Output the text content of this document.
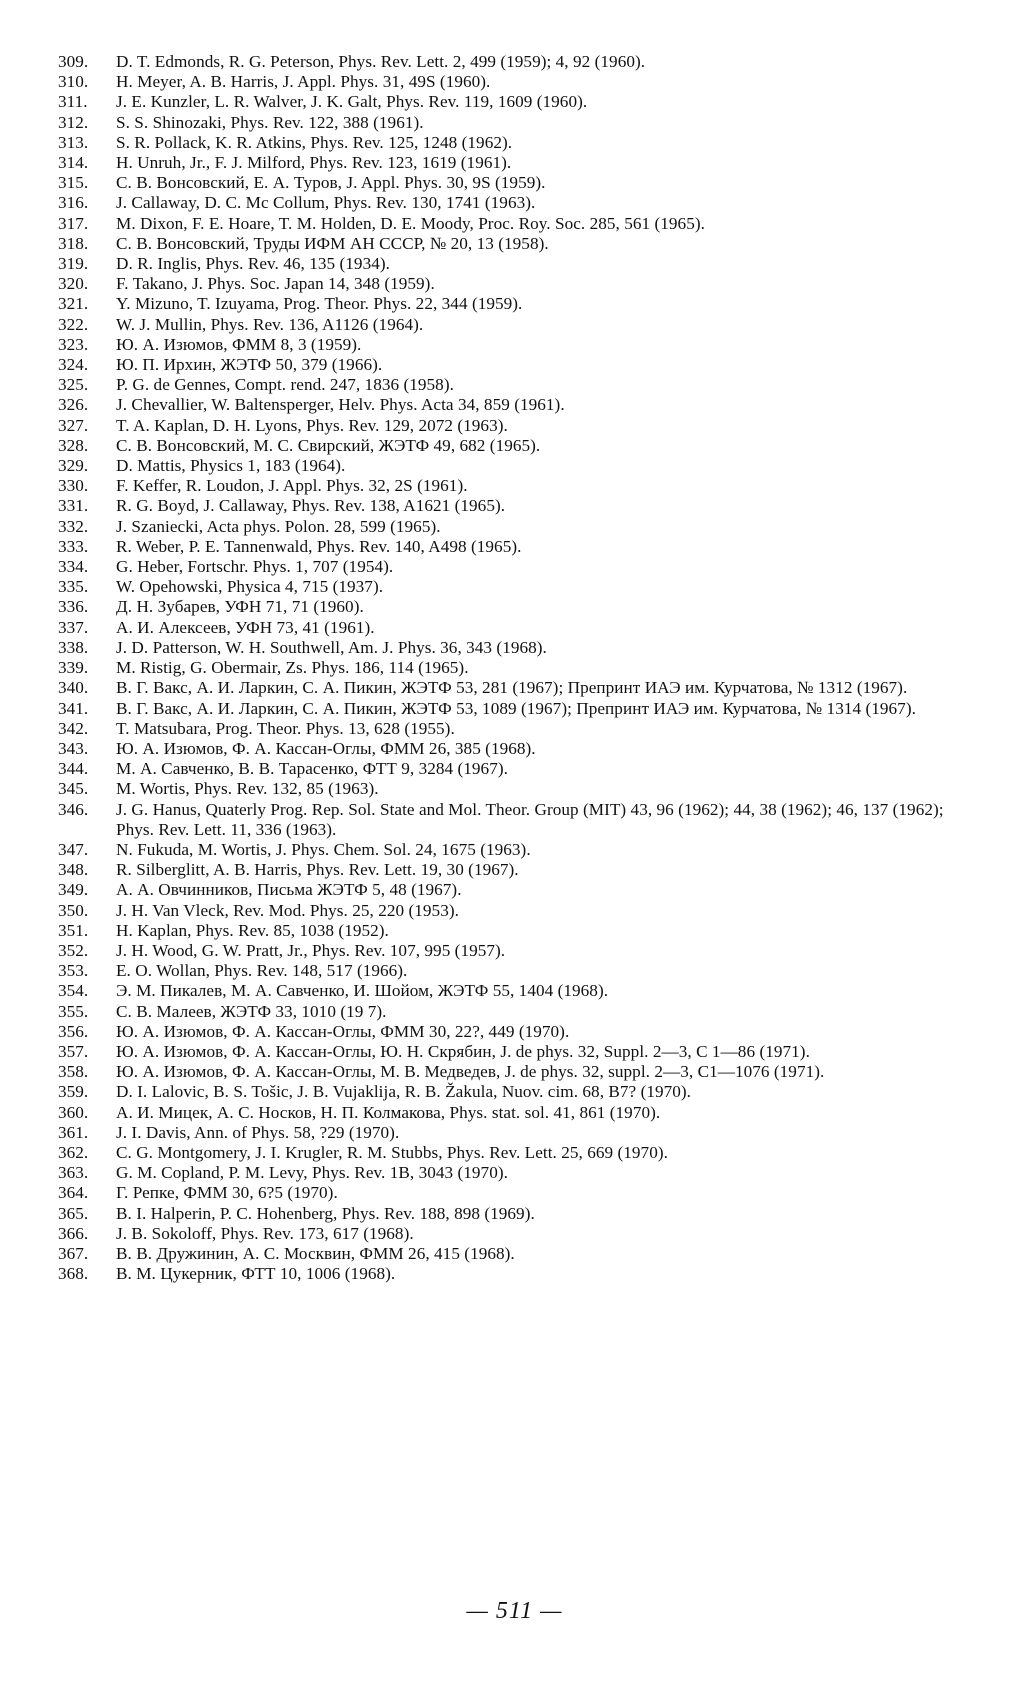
309.	D. T. Edmonds, R. G. Peterson, Phys. Rev. Lett. 2, 499 (1959); 4, 92 (1960).
310.	H. Meyer, A. B. Harris, J. Appl. Phys. 31, 49S (1960).
311.	J. E. Kunzler, L. R. Walver, J. K. Galt, Phys. Rev. 119, 1609 (1960).
312.	S. S. Shinozaki, Phys. Rev. 122, 388 (1961).
313.	S. R. Pollack, K. R. Atkins, Phys. Rev. 125, 1248 (1962).
314.	H. Unruh, Jr., F. J. Milford, Phys. Rev. 123, 1619 (1961).
315.	С. В. Вонсовский, Е. А. Туров, J. Appl. Phys. 30, 9S (1959).
316.	J. Callaway, D. C. Mc Collum, Phys. Rev. 130, 1741 (1963).
317.	M. Dixon, F. E. Hoare, T. M. Holden, D. E. Moody, Proc. Roy. Soc. 285, 561 (1965).
318.	С. В. Вонсовский, Труды ИФМ АН СССР, № 20, 13 (1958).
319.	D. R. Inglis, Phys. Rev. 46, 135 (1934).
320.	F. Takano, J. Phys. Soc. Japan 14, 348 (1959).
321.	Y. Mizuno, T. Izuyama, Prog. Theor. Phys. 22, 344 (1959).
322.	W. J. Mullin, Phys. Rev. 136, A1126 (1964).
323.	Ю. А. Изюмов, ФММ 8, 3 (1959).
324.	Ю. П. Ирхин, ЖЭТФ 50, 379 (1966).
325.	P. G. de Gennes, Compt. rend. 247, 1836 (1958).
326.	J. Chevallier, W. Baltensperger, Helv. Phys. Acta 34, 859 (1961).
327.	T. A. Kaplan, D. H. Lyons, Phys. Rev. 129, 2072 (1963).
328.	С. В. Вонсовский, М. С. Свирский, ЖЭТФ 49, 682 (1965).
329.	D. Mattis, Physics 1, 183 (1964).
330.	F. Keffer, R. Loudon, J. Appl. Phys. 32, 2S (1961).
331.	R. G. Boyd, J. Callaway, Phys. Rev. 138, A1621 (1965).
332.	J. Szaniecki, Acta phys. Polon. 28, 599 (1965).
333.	R. Weber, P. E. Tannenwald, Phys. Rev. 140, A498 (1965).
334.	G. Heber, Fortschr. Phys. 1, 707 (1954).
335.	W. Opehowski, Physica 4, 715 (1937).
336.	Д. Н. Зубарев, УФН 71, 71 (1960).
337.	А. И. Алексеев, УФН 73, 41 (1961).
338.	J. D. Patterson, W. H. Southwell, Am. J. Phys. 36, 343 (1968).
339.	M. Ristig, G. Obermair, Zs. Phys. 186, 114 (1965).
340.	В. Г. Вакс, А. И. Ларкин, С. А. Пикин, ЖЭТФ 53, 281 (1967); Препринт ИАЭ им. Курчатова, № 1312 (1967).
341.	В. Г. Вакс, А. И. Ларкин, С. А. Пикин, ЖЭТФ 53, 1089 (1967); Препринт ИАЭ им. Курчатова, № 1314 (1967).
342.	T. Matsubara, Prog. Theor. Phys. 13, 628 (1955).
343.	Ю. А. Изюмов, Ф. А. Кассан-Оглы, ФММ 26, 385 (1968).
344.	М. А. Савченко, В. В. Тарасенко, ФТТ 9, 3284 (1967).
345.	M. Wortis, Phys. Rev. 132, 85 (1963).
346.	J. G. Hanus, Quaterly Prog. Rep. Sol. State and Mol. Theor. Group (MIT) 43, 96 (1962); 44, 38 (1962); 46, 137 (1962); Phys. Rev. Lett. 11, 336 (1963).
347.	N. Fukuda, M. Wortis, J. Phys. Chem. Sol. 24, 1675 (1963).
348.	R. Silberglitt, A. B. Harris, Phys. Rev. Lett. 19, 30 (1967).
349.	А. А. Овчинников, Письма ЖЭТФ 5, 48 (1967).
350.	J. H. Van Vleck, Rev. Mod. Phys. 25, 220 (1953).
351.	H. Kaplan, Phys. Rev. 85, 1038 (1952).
352.	J. H. Wood, G. W. Pratt, Jr., Phys. Rev. 107, 995 (1957).
353.	E. O. Wollan, Phys. Rev. 148, 517 (1966).
354.	Э. М. Пикалев, М. А. Савченко, И. Шойом, ЖЭТФ 55, 1404 (1968).
355.	С. В. Малеев, ЖЭТФ 33, 1010 (19 7).
356.	Ю. А. Изюмов, Ф. А. Кассан-Оглы, ФММ 30, 22?, 449 (1970).
357.	Ю. А. Изюмов, Ф. А. Кассан-Оглы, Ю. Н. Скрябин, J. de phys. 32, Suppl. 2—3, C 1—86 (1971).
358.	Ю. А. Изюмов, Ф. А. Кассан-Оглы, М. В. Медведев, J. de phys. 32, suppl. 2—3, C1—1076 (1971).
359.	D. I. Lalovic, B. S. Tošic, J. B. Vujaklija, R. B. Žakula, Nuov. cim. 68, B7? (1970).
360.	А. И. Мицек, А. С. Носков, Н. П. Колмакова, Phys. stat. sol. 41, 861 (1970).
361.	J. I. Davis, Ann. of Phys. 58, ?29 (1970).
362.	C. G. Montgomery, J. I. Krugler, R. M. Stubbs, Phys. Rev. Lett. 25, 669 (1970).
363.	G. M. Copland, P. M. Levy, Phys. Rev. 1B, 3043 (1970).
364.	Г. Репке, ФММ 30, 6?5 (1970).
365.	B. I. Halperin, P. C. Hohenberg, Phys. Rev. 188, 898 (1969).
366.	J. B. Sokoloff, Phys. Rev. 173, 617 (1968).
367.	В. В. Дружинин, А. С. Москвин, ФММ 26, 415 (1968).
368.	В. М. Цукерник, ФТТ 10, 1006 (1968).
— 511 —
